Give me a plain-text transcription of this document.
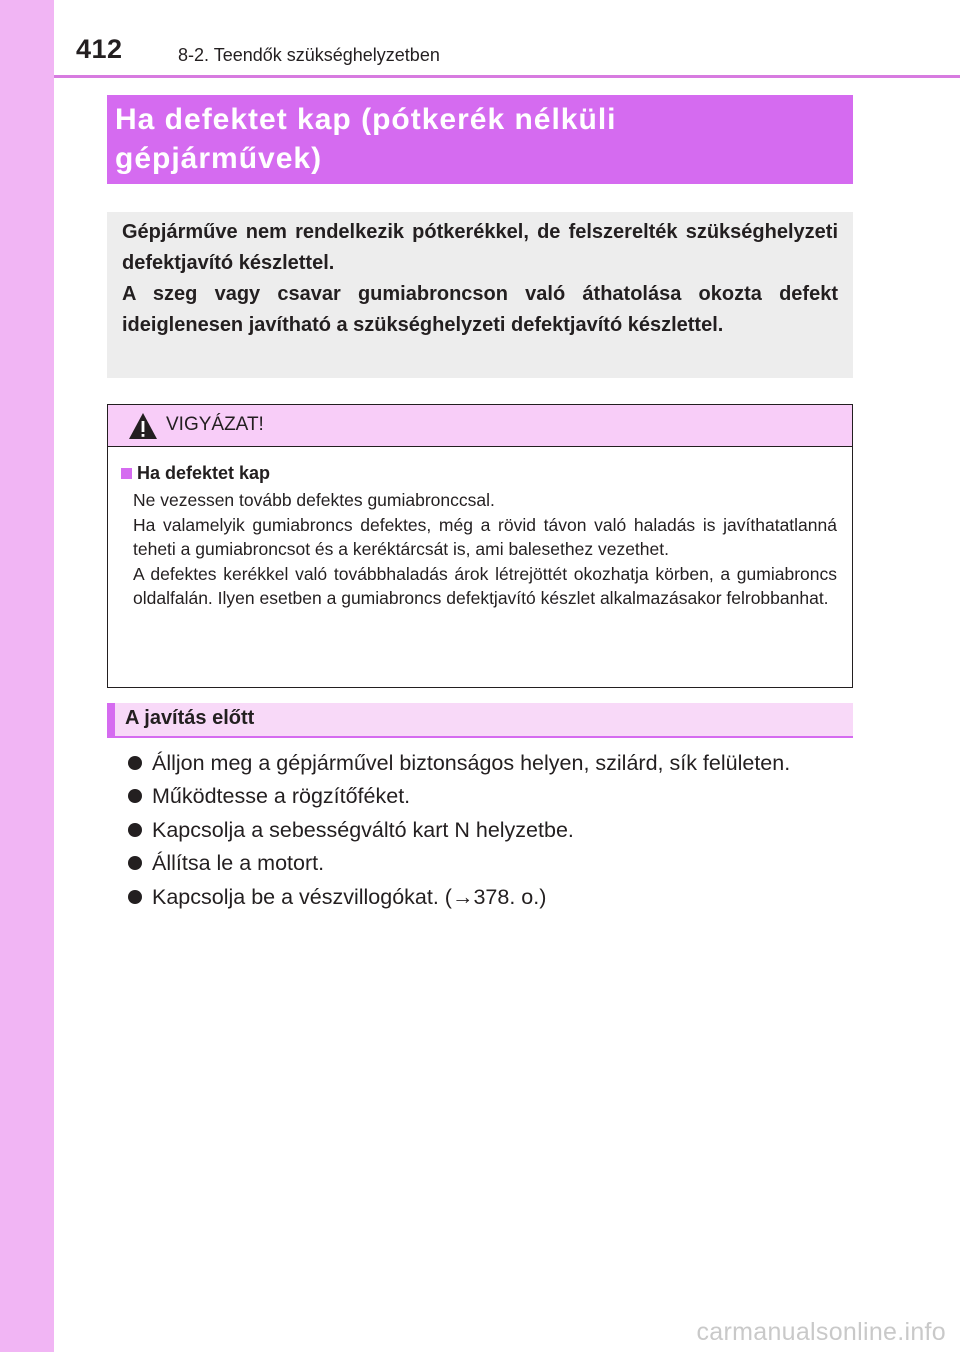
412	8-2. Teendők szükséghelyzetben
Ha defektet kap (pótkerék nélküli
gépjárművek)

Gépjárműve nem rendelkezik pótkerékkel, de felszerelték szükséghelyzeti defektjavító készlettel.

A szeg vagy csavar gumiabroncson való áthatolása okozta defekt ideiglenesen javítható a szükséghelyzeti defektjavító készlettel.

VIGYÁZAT!
Ha defektet kap

Ne vezessen tovább defektes gumiabronccsal.

Ha valamelyik gumiabroncs defektes, még a rövid távon való haladás is javíthatatlanná teheti a gumiabroncsot és a keréktárcsát is, ami balesethez vezethet.

A defektes kerékkel való továbbhaladás árok létrejöttét okozhatja körben, a gumiabroncs oldalfalán. Ilyen esetben a gumiabroncs defektjavító készlet alkalmazásakor felrobbanhat.

A javítás előtt
Álljon meg a gépjárművel biztonságos helyen, szilárd, sík felületen.
Működtesse a rögzítőféket.
Kapcsolja a sebességváltó kart N helyzetbe.
Állítsa le a motort.
Kapcsolja be a vészvillogókat. (→378. o.)
carmanualsonline.info
